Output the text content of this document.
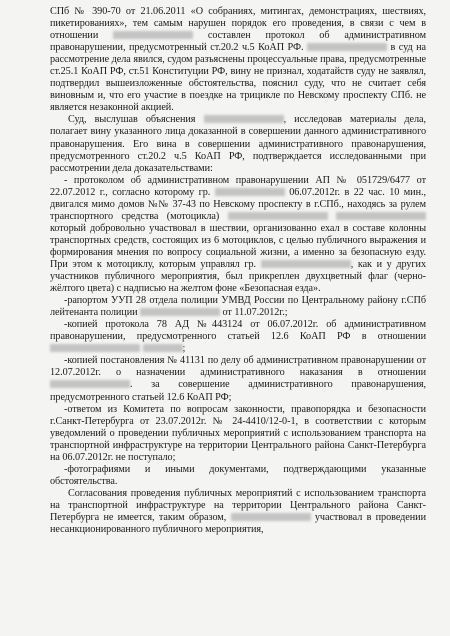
СПб № 390-70 от 21.06.2011 «О собраниях, митингах, демонстрациях, шествиях, пикетированиях», тем самым нарушен порядок его проведения, в связи с чем в отношении	составлен протокол об административном правонарушении, предусмотренный ст.20.2 ч.5 КоАП РФ.	в суд на рассмотрение дела явился, судом разъяснены процессуальные права, предусмотренные ст.25.1 КоАП РФ, ст.51 Конституции РФ, вину не признал, ходатайств суду не заявлял, подтвердил вышеизложенные обстоятельства, пояснил суду, что не считает себя виновным и, что его участие в поездке на трицикле по Невскому проспекту СПб. не является незаконной акцией.

Суд, выслушав объяснения	, исследовав материалы дела, полагает вину указанного лица доказанной в совершении данного административного правонарушения. Его вина в совершении административного правонарушения, предусмотренного ст.20.2 ч.5 КоАП РФ, подтверждается исследованными при рассмотрении дела доказательствами:

- протоколом об административном правонарушении АП № 051729/6477 от 22.07.2012 г., согласно которому гр.	06.07.2012г. в 22 час. 10 мин., двигался мимо домов №№ 37-43 по Невскому проспекту в г.СПб., находясь за рулем транспортного средства (мотоцикла)   который добровольно участвовал в шествии, организованно ехал в составе колонны транспортных средств, состоящих из 6 мотоциклов, с целью публичного выражения и формирования мнения по вопросу социальной жизни, а именно за безопасную езду. При этом к мотоциклу, которым управлял гр.	, как и у других участников публичного мероприятия, был прикреплен двухцветный флаг (черно-жёлтого цвета) с надписью на желтом фоне «Безопасная езда».

-рапортом УУП 28 отдела полиции УМВД России по Центральному району г.СПб лейтенанта полиции	от 11.07.2012г.;

-копией протокола 78 АД №443124 от 06.07.2012г. об административном правонарушении, предусмотренного статьей 12.6 КоАП РФ в отношении  ;

-копией постановления № 41131 по делу об административном правонарушении от 12.07.2012г. о назначении административного наказания в отношении . за совершение административного правонарушения, предусмотренного статьей 12.6 КоАП РФ;

-ответом из Комитета по вопросам законности, правопорядка и безопасности г.Санкт-Петербурга от 23.07.2012г. № 24-4410/12-0-1, в соответствии с которым уведомлений о проведении публичных мероприятий с использованием транспорта на транспортной инфраструктуре на территории Центрального района Санкт-Петербурга на 06.07.2012г. не поступало;

-фотографиями и иными документами, подтверждающими указанные обстоятельства.

Согласования проведения публичных мероприятий с использованием транспорта на транспортной инфраструктуре на территории Центрального района Санкт-Петербурга не имеется, таким образом,	участвовал в проведении несанкционированного публичного мероприятия,
